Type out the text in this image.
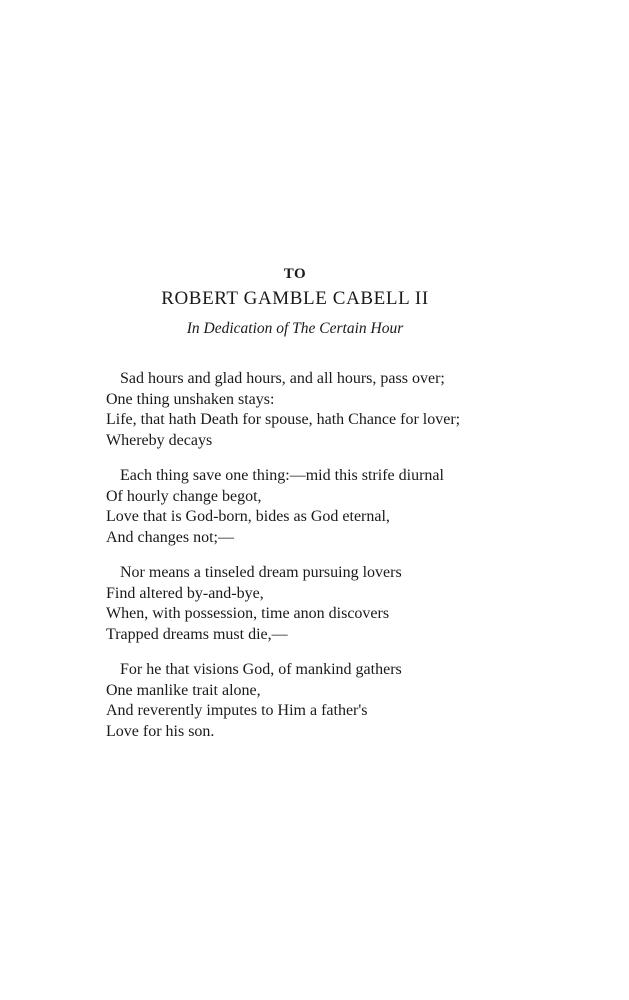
TO
ROBERT GAMBLE CABELL II
In Dedication of The Certain Hour
Sad hours and glad hours, and all hours, pass over;
One thing unshaken stays:
Life, that hath Death for spouse, hath Chance for lover;
Whereby decays
Each thing save one thing:—mid this strife diurnal
Of hourly change begot,
Love that is God-born, bides as God eternal,
And changes not;—
Nor means a tinseled dream pursuing lovers
Find altered by-and-bye,
When, with possession, time anon discovers
Trapped dreams must die,—
For he that visions God, of mankind gathers
One manlike trait alone,
And reverently imputes to Him a father's
Love for his son.
